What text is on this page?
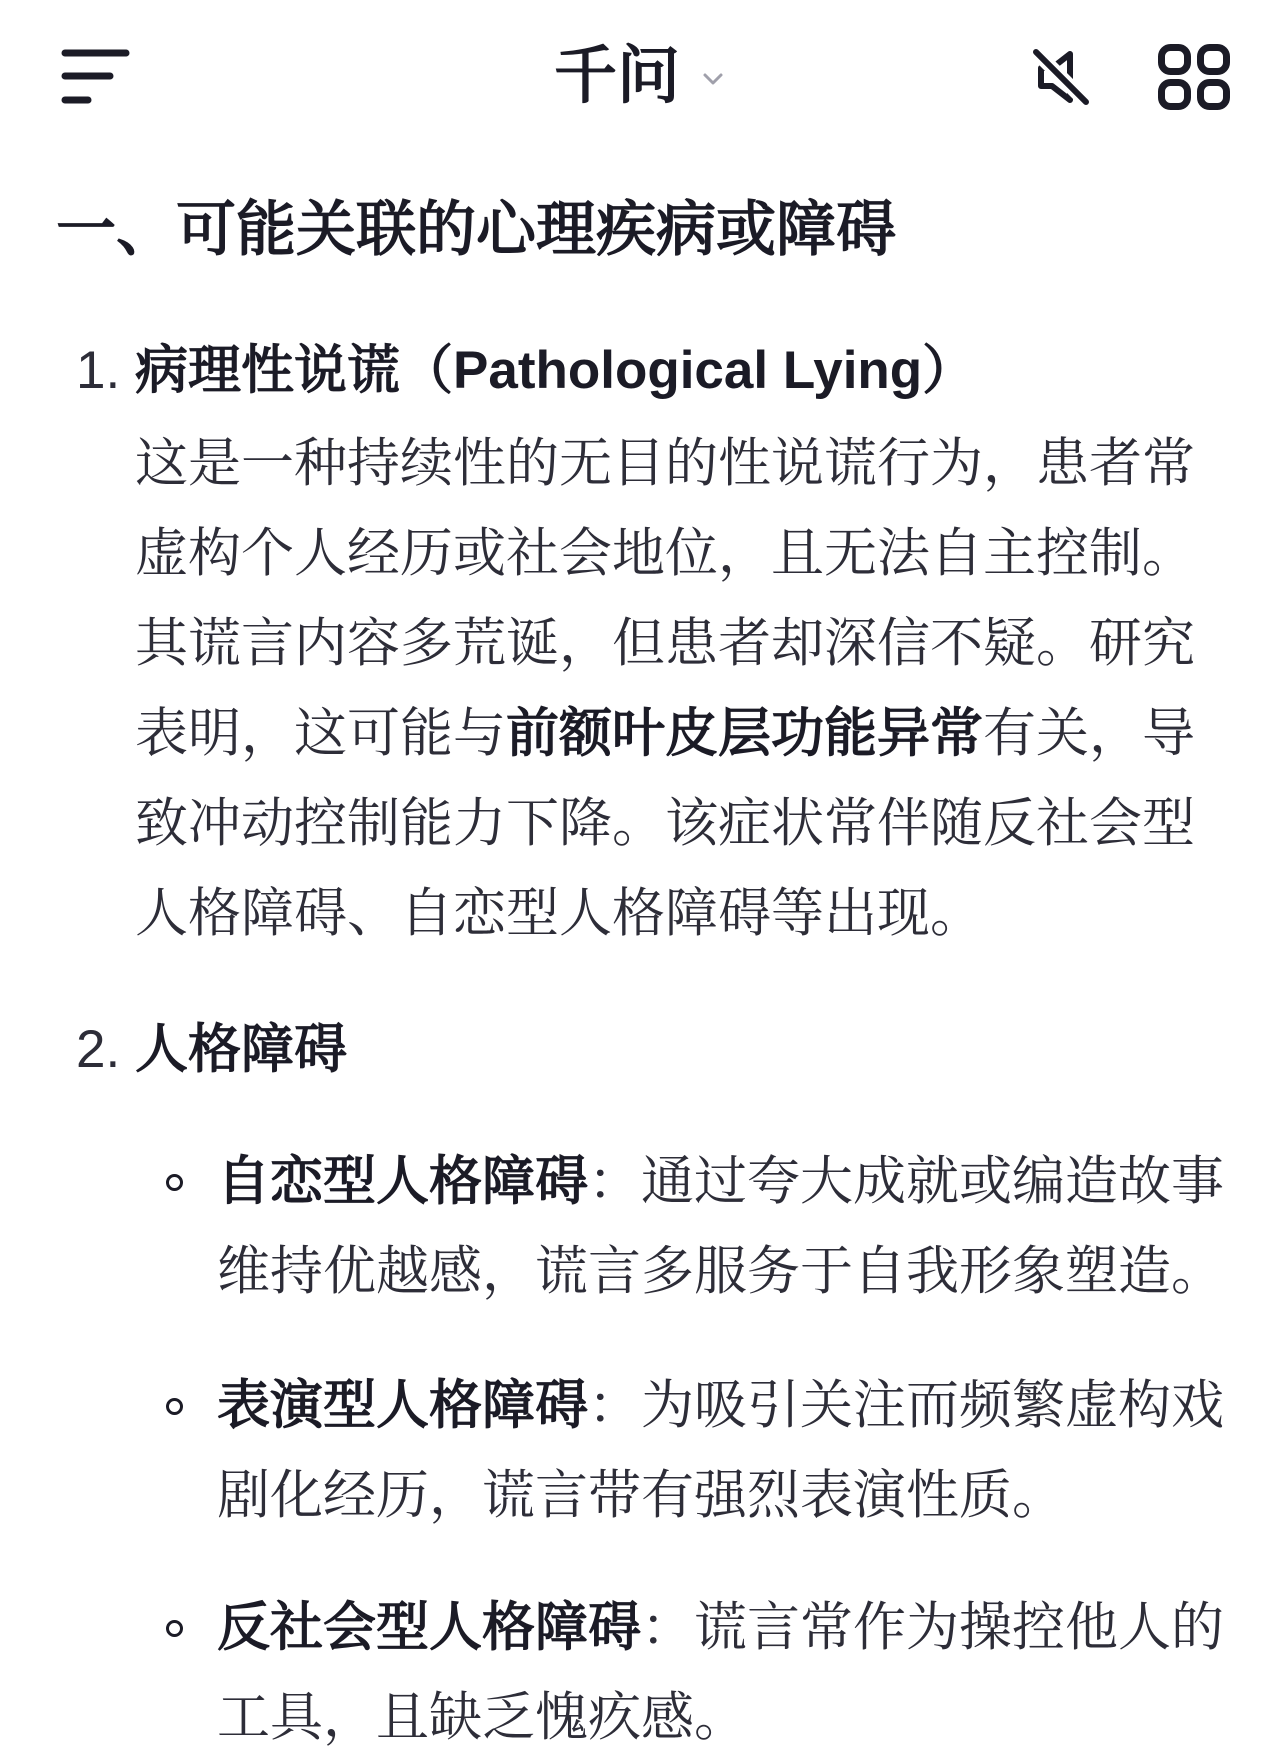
千问
一、可能关联的心理疾病或障碍
1. 病理性说谎（Pathological Lying）
这是一种持续性的无目的性说谎行为，患者常
虚构个人经历或社会地位，且无法自主控制。
其谎言内容多荒诞，但患者却深信不疑。研究
表明，这可能与前额叶皮层功能异常有关，导
致冲动控制能力下降。该症状常伴随反社会型
人格障碍、自恋型人格障碍等出现。
2. 人格障碍
自恋型人格障碍：通过夸大成就或编造故事
维持优越感，谎言多服务于自我形象塑造。
表演型人格障碍：为吸引关注而频繁虚构戏
剧化经历，谎言带有强烈表演性质。
反社会型人格障碍：谎言常作为操控他人的
工具，且缺乏愧疚感。
